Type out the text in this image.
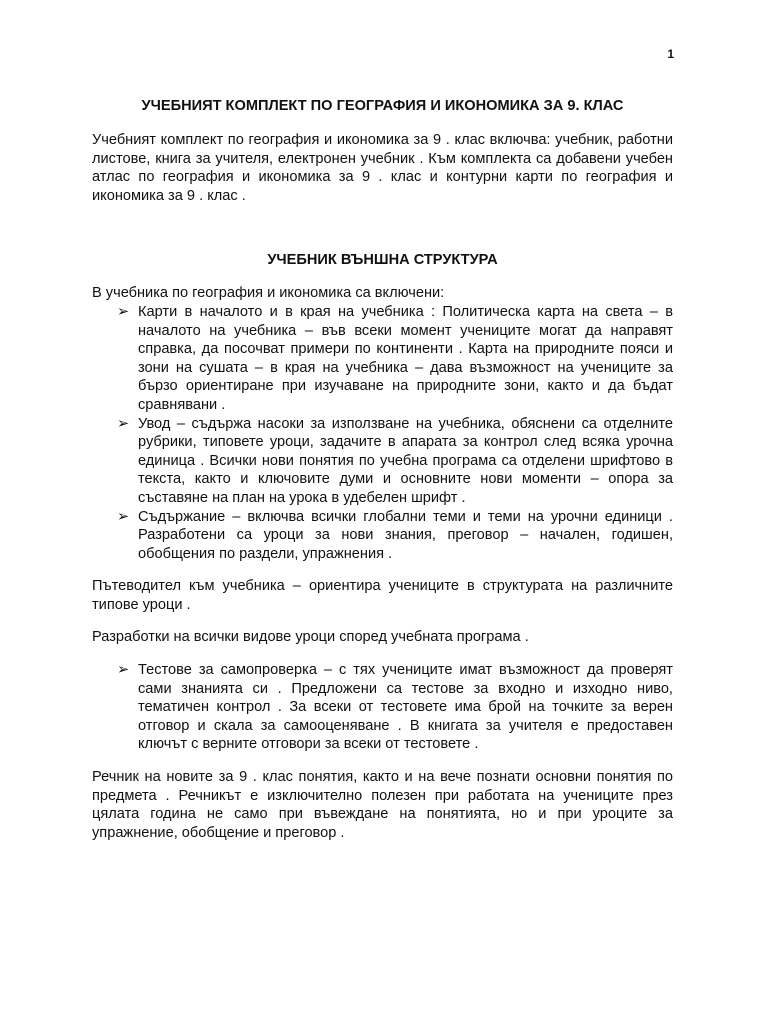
1
УЧЕБНИЯТ КОМПЛЕКТ ПО ГЕОГРАФИЯ И ИКОНОМИКА ЗА 9. КЛАС

Учебният комплект по география и икономика за 9 . клас включва: учебник, работни листове, книга за учителя, електронен учебник . Към комплекта са добавени учебен атлас по география и икономика за 9 . клас и контурни карти по география и икономика за 9 . клас .

УЧЕБНИК ВЪНШНА СТРУКТУРА

В учебника по география и икономика са включени:

➢ Карти в началото и в края на учебника : Политическа карта на света – в началото на учебника – във всеки момент учениците могат да направят справка, да посочват примери по континенти . Карта на природните пояси и зони на сушата – в края на учебника – дава възможност на учениците за бързо ориентиране при изучаване на природните зони, както и да бъдат сравнявани .
➢ Увод – съдържа насоки за използване на учебника, обяснени са отделните рубрики, типовете уроци, задачите в апарата за контрол след всяка урочна единица . Всички нови понятия по учебна програма са отделени шрифтово в текста, както и ключовите думи и основните нови моменти – опора за съставяне на план на урока в удебелен шрифт .
➢ Съдържание – включва всички глобални теми и теми на урочни единици . Разработени са уроци за нови знания, преговор – начален, годишен, обобщения по раздели, упражнения .

Пътеводител към учебника – ориентира учениците в структурата на различните типове уроци .

Разработки на всички видове уроци според учебната програма .

➢ Тестове за самопроверка – с тях учениците имат възможност да проверят сами знанията си . Предложени са тестове за входно и изходно ниво, тематичен контрол . За всеки от тестовете има брой на точките за верен отговор и скала за самооценяване . В книгата за учителя е предоставен ключът с верните отговори за всеки от тестовете .

Речник на новите за 9 . клас понятия, както и на вече познати основни понятия по предмета . Речникът е изключително полезен при работата на учениците през цялата година не само при въвеждане на понятията, но и при уроците за упражнение, обобщение и преговор .
